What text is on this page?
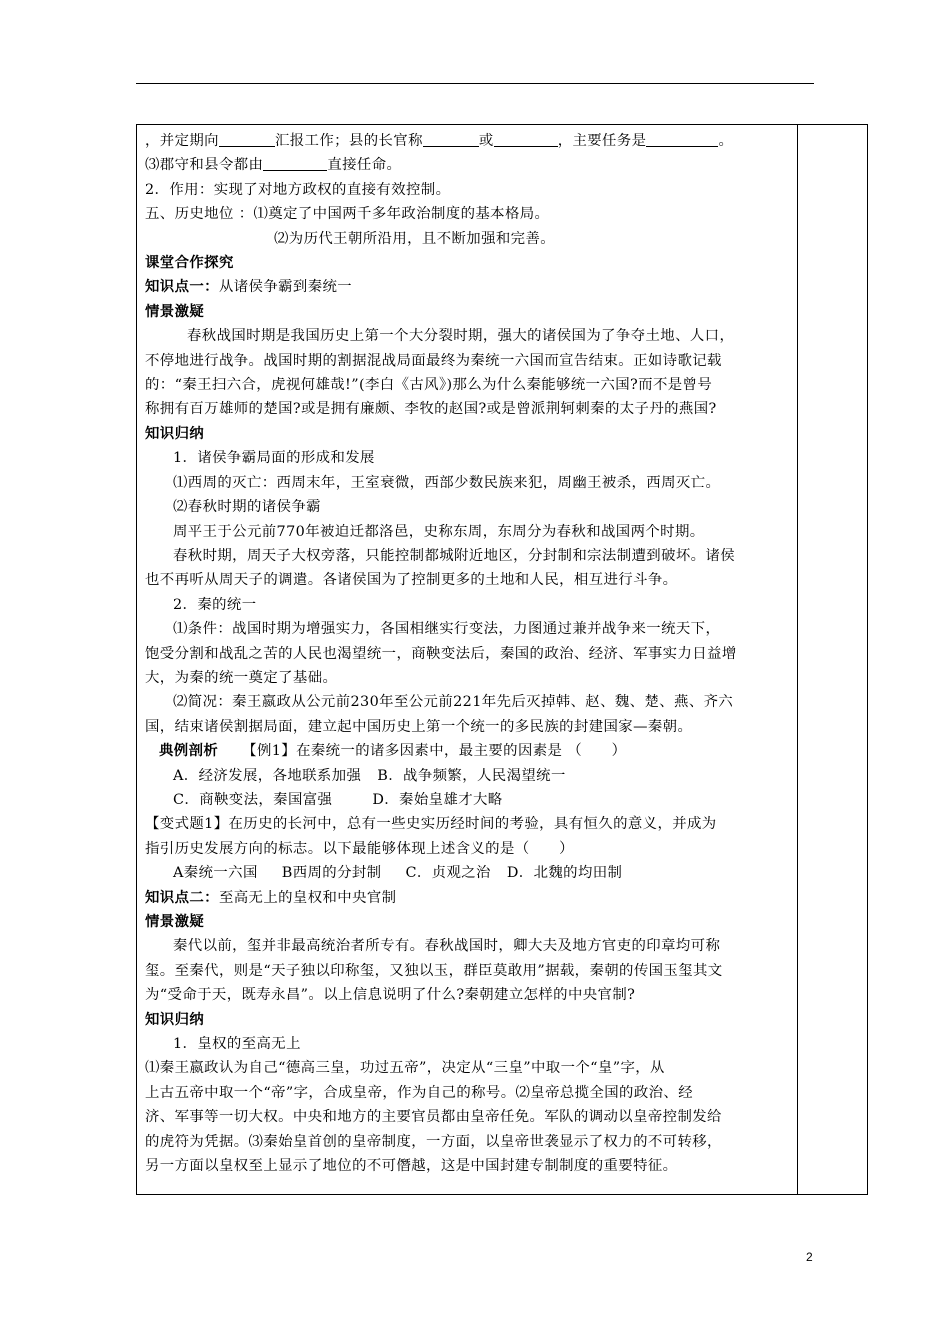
，并定期向	汇报工作；县的长官称	或	，主要任务是	。

⑶郡守和县令都由	直接任命。

2．作用：实现了对地方政权的直接有效控制。

五、历史地位 ：⑴奠定了中国两千多年政治制度的基本格局。

⑵为历代王朝所沿用，且不断加强和完善。

课堂合作探究

知识点一：从诸侯争霸到秦统一

情景激疑

春秋战国时期是我国历史上第一个大分裂时期，强大的诸侯国为了争夺土地、人口，

不停地进行战争。战国时期的割据混战局面最终为秦统一六国而宣告结束。正如诗歌记载

的：“秦王扫六合，虎视何雄哉!”(李白《古风》)那么为什么秦能够统一六国?而不是曾号

称拥有百万雄师的楚国?或是拥有廉颇、李牧的赵国?或是曾派荆轲刺秦的太子丹的燕国?

知识归纳

1．诸侯争霸局面的形成和发展

⑴西周的灭亡：西周末年，王室衰微，西部少数民族来犯，周幽王被杀，西周灭亡。

⑵春秋时期的诸侯争霸

周平王于公元前770年被迫迁都洛邑，史称东周，东周分为春秋和战国两个时期。

春秋时期，周天子大权旁落，只能控制都城附近地区，分封制和宗法制遭到破坏。诸侯

也不再听从周天子的调遣。各诸侯国为了控制更多的土地和人民，相互进行斗争。

2．秦的统一

⑴条件：战国时期为增强实力，各国相继实行变法，力图通过兼并战争来一统天下，

饱受分割和战乱之苦的人民也渴望统一，商鞅变法后，秦国的政治、经济、军事实力日益增

大，为秦的统一奠定了基础。

⑵简况：秦王嬴政从公元前230年至公元前221年先后灭掉韩、赵、魏、楚、燕、齐六

国，结束诸侯割据局面，建立起中国历史上第一个统一的多民族的封建国家—秦朝。

典例剖析 【例1】在秦统一的诸多因素中，最主要的因素是 （　　）

A．经济发展，各地联系加强 B．战争频繁，人民渴望统一

C．商鞅变法，秦国富强	D．秦始皇雄才大略

【变式题1】在历史的长河中，总有一些史实历经时间的考验，具有恒久的意义，并成为

指引历史发展方向的标志。以下最能够体现上述含义的是（　　）

A秦统一六国 B西周的分封制 C．贞观之治 D．北魏的均田制

知识点二：至高无上的皇权和中央官制

情景激疑

秦代以前，玺并非最高统治者所专有。春秋战国时，卿大夫及地方官吏的印章均可称

玺。至秦代，则是“天子独以印称玺，又独以玉，群臣莫敢用”据载，秦朝的传国玉玺其文

为“受命于天，既寿永昌”。以上信息说明了什么?秦朝建立怎样的中央官制?

知识归纳

1．皇权的至高无上

⑴秦王嬴政认为自己“德高三皇，功过五帝”，决定从“三皇”中取一个“皇”字，从

上古五帝中取一个“帝”字，合成皇帝，作为自己的称号。⑵皇帝总揽全国的政治、经

济、军事等一切大权。中央和地方的主要官员都由皇帝任免。军队的调动以皇帝控制发给

的虎符为凭据。⑶秦始皇首创的皇帝制度，一方面，以皇帝世袭显示了权力的不可转移，

另一方面以皇权至上显示了地位的不可僭越，这是中国封建专制制度的重要特征。

2
